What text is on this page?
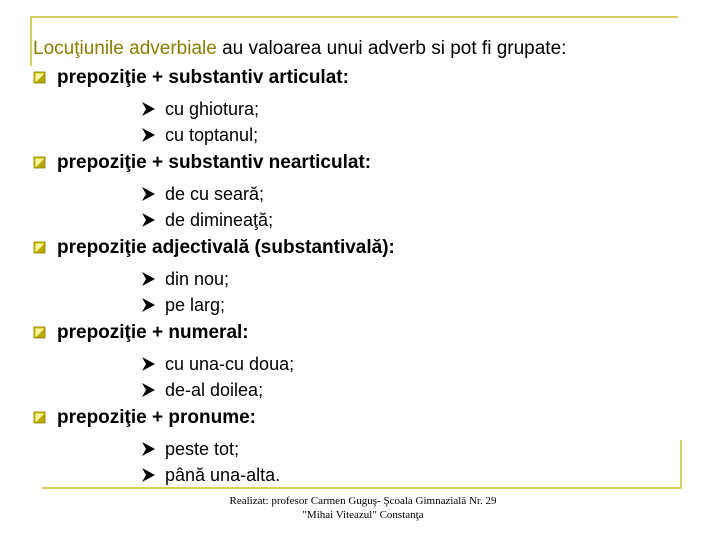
Locuţiunile adverbiale au valoarea unui adverb si pot fi grupate:

prepoziţie + substantiv articulat:
cu ghiotura;
cu toptanul;
prepoziţie + substantiv nearticulat:
de cu seară;
de dimineaţă;
prepoziţie adjectivală (substantivală):
din nou;
pe larg;
prepoziţie + numeral:
cu una-cu doua;
de-al doilea;
prepoziţie + pronume:
peste tot;
până una-alta.
Realizat: profesor Carmen Guguş- Şcoala Gimnazială Nr. 29
"Mihai Viteazul" Constanţa
